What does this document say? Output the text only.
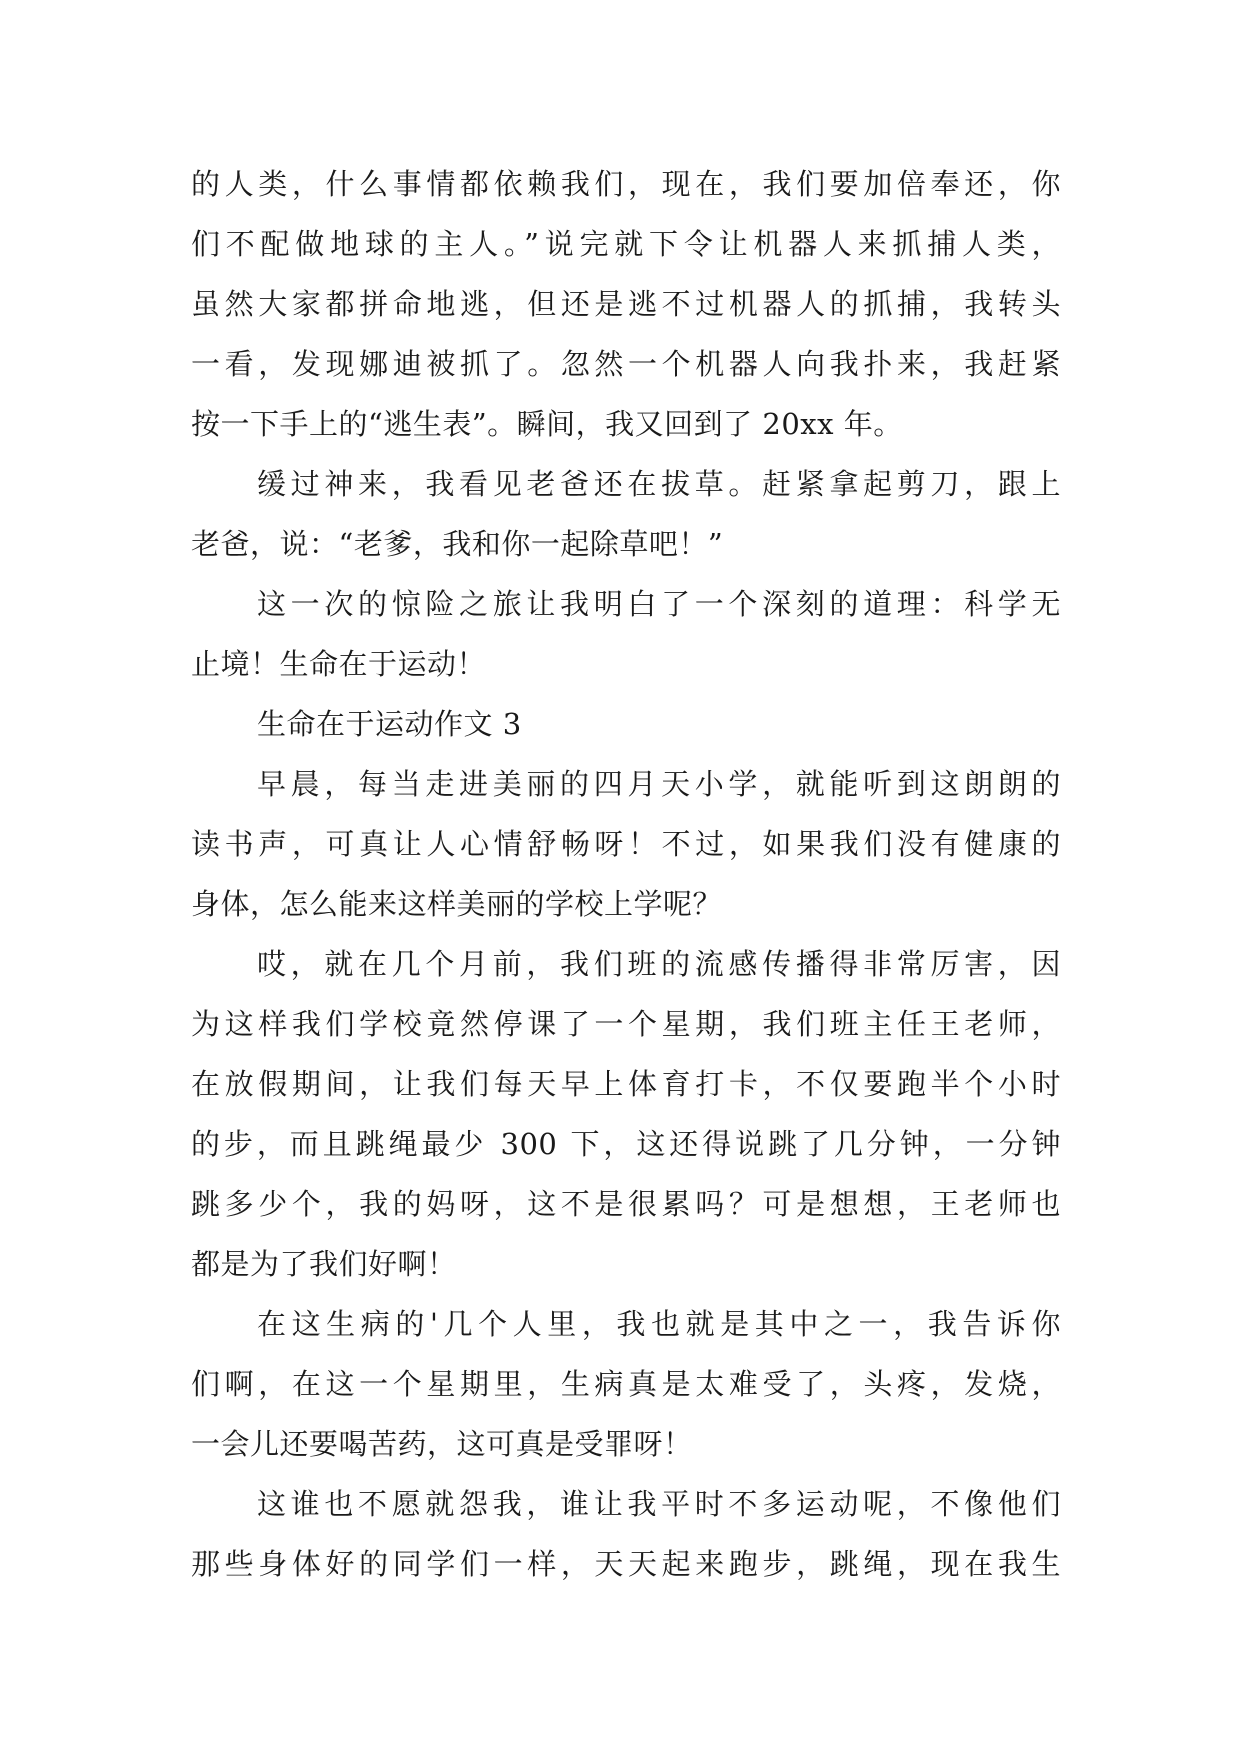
的人类，什么事情都依赖我们，现在，我们要加倍奉还，你
们不配做地球的主人。”说完就下令让机器人来抓捕人类，
虽然大家都拼命地逃，但还是逃不过机器人的抓捕，我转头
一看，发现娜迪被抓了。忽然一个机器人向我扑来，我赶紧
按一下手上的“逃生表”。瞬间，我又回到了 20xx 年。
缓过神来，我看见老爸还在拔草。赶紧拿起剪刀，跟上
老爸，说：“老爹，我和你一起除草吧！”
这一次的惊险之旅让我明白了一个深刻的道理：科学无
止境！生命在于运动！
生命在于运动作文 3
早晨，每当走进美丽的四月天小学，就能听到这朗朗的
读书声，可真让人心情舒畅呀！不过，如果我们没有健康的
身体，怎么能来这样美丽的学校上学呢？
哎，就在几个月前，我们班的流感传播得非常厉害，因
为这样我们学校竟然停课了一个星期，我们班主任王老师，
在放假期间，让我们每天早上体育打卡，不仅要跑半个小时
的步，而且跳绳最少 300 下，这还得说跳了几分钟，一分钟
跳多少个，我的妈呀，这不是很累吗？可是想想，王老师也
都是为了我们好啊！
在这生病的'几个人里，我也就是其中之一，我告诉你
们啊，在这一个星期里，生病真是太难受了，头疼，发烧，
一会儿还要喝苦药，这可真是受罪呀！
这谁也不愿就怨我，谁让我平时不多运动呢，不像他们
那些身体好的同学们一样，天天起来跑步，跳绳，现在我生
